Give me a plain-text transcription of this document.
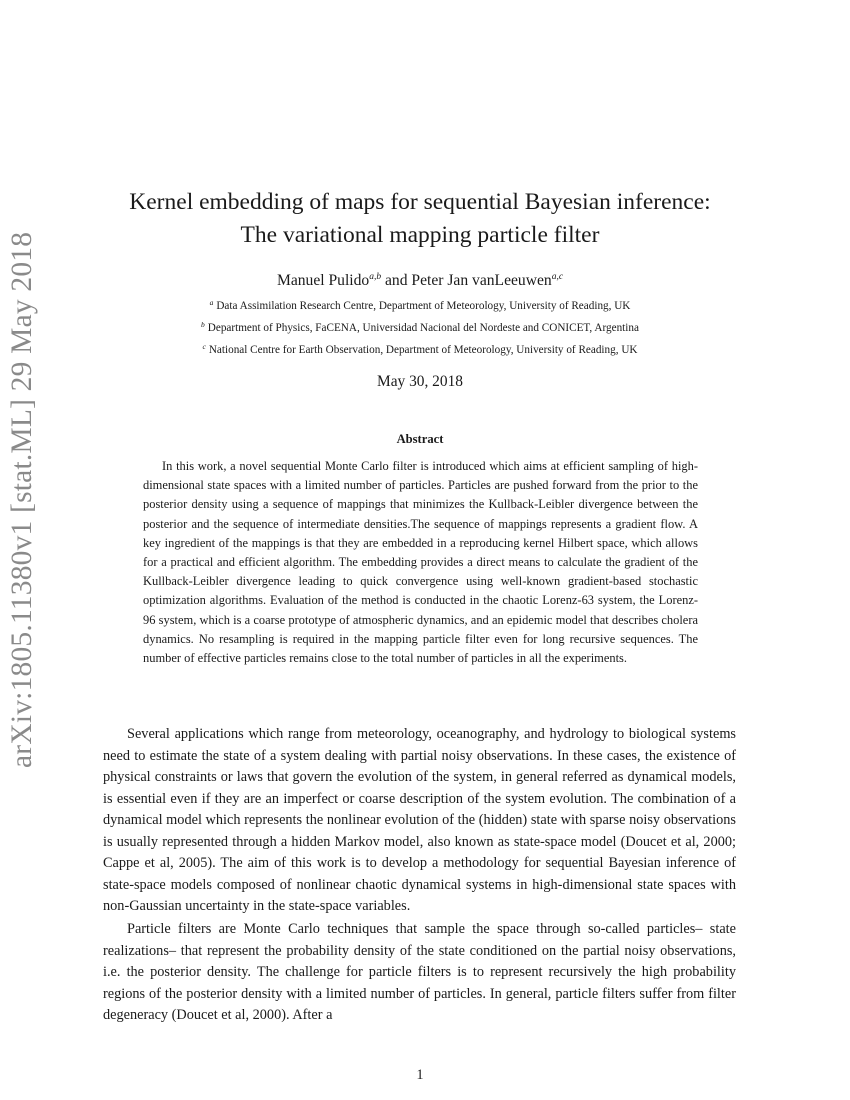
arXiv:1805.11380v1 [stat.ML] 29 May 2018
Kernel embedding of maps for sequential Bayesian inference:
The variational mapping particle filter
Manuel Pulido$^{a,b}$ and Peter Jan vanLeeuwen$^{a,c}$
$^a$ Data Assimilation Research Centre, Department of Meteorology, University of Reading, UK
$^b$ Department of Physics, FaCENA, Universidad Nacional del Nordeste and CONICET, Argentina
$^c$ National Centre for Earth Observation, Department of Meteorology, University of Reading, UK
May 30, 2018
Abstract

In this work, a novel sequential Monte Carlo filter is introduced which aims at efficient sampling of high-dimensional state spaces with a limited number of particles. Particles are pushed forward from the prior to the posterior density using a sequence of mappings that minimizes the Kullback-Leibler divergence between the posterior and the sequence of intermediate densities.The sequence of mappings represents a gradient flow. A key ingredient of the mappings is that they are embedded in a reproducing kernel Hilbert space, which allows for a practical and efficient algorithm. The embedding provides a direct means to calculate the gradient of the Kullback-Leibler divergence leading to quick convergence using well-known gradient-based stochastic optimization algorithms. Evaluation of the method is conducted in the chaotic Lorenz-63 system, the Lorenz-96 system, which is a coarse prototype of atmospheric dynamics, and an epidemic model that describes cholera dynamics. No resampling is required in the mapping particle filter even for long recursive sequences. The number of effective particles remains close to the total number of particles in all the experiments.

Several applications which range from meteorology, oceanography, and hydrology to biological systems need to estimate the state of a system dealing with partial noisy observations. In these cases, the existence of physical constraints or laws that govern the evolution of the system, in general referred as dynamical models, is essential even if they are an imperfect or coarse description of the system evolution. The combination of a dynamical model which represents the nonlinear evolution of the (hidden) state with sparse noisy observations is usually represented through a hidden Markov model, also known as state-space model (Doucet et al, 2000; Cappe et al, 2005). The aim of this work is to develop a methodology for sequential Bayesian inference of state-space models composed of nonlinear chaotic dynamical systems in high-dimensional state spaces with non-Gaussian uncertainty in the state-space variables.

Particle filters are Monte Carlo techniques that sample the space through so-called particles– state realizations– that represent the probability density of the state conditioned on the partial noisy observations, i.e. the posterior density. The challenge for particle filters is to represent recursively the high probability regions of the posterior density with a limited number of particles. In general, particle filters suffer from filter degeneracy (Doucet et al, 2000). After a

1
